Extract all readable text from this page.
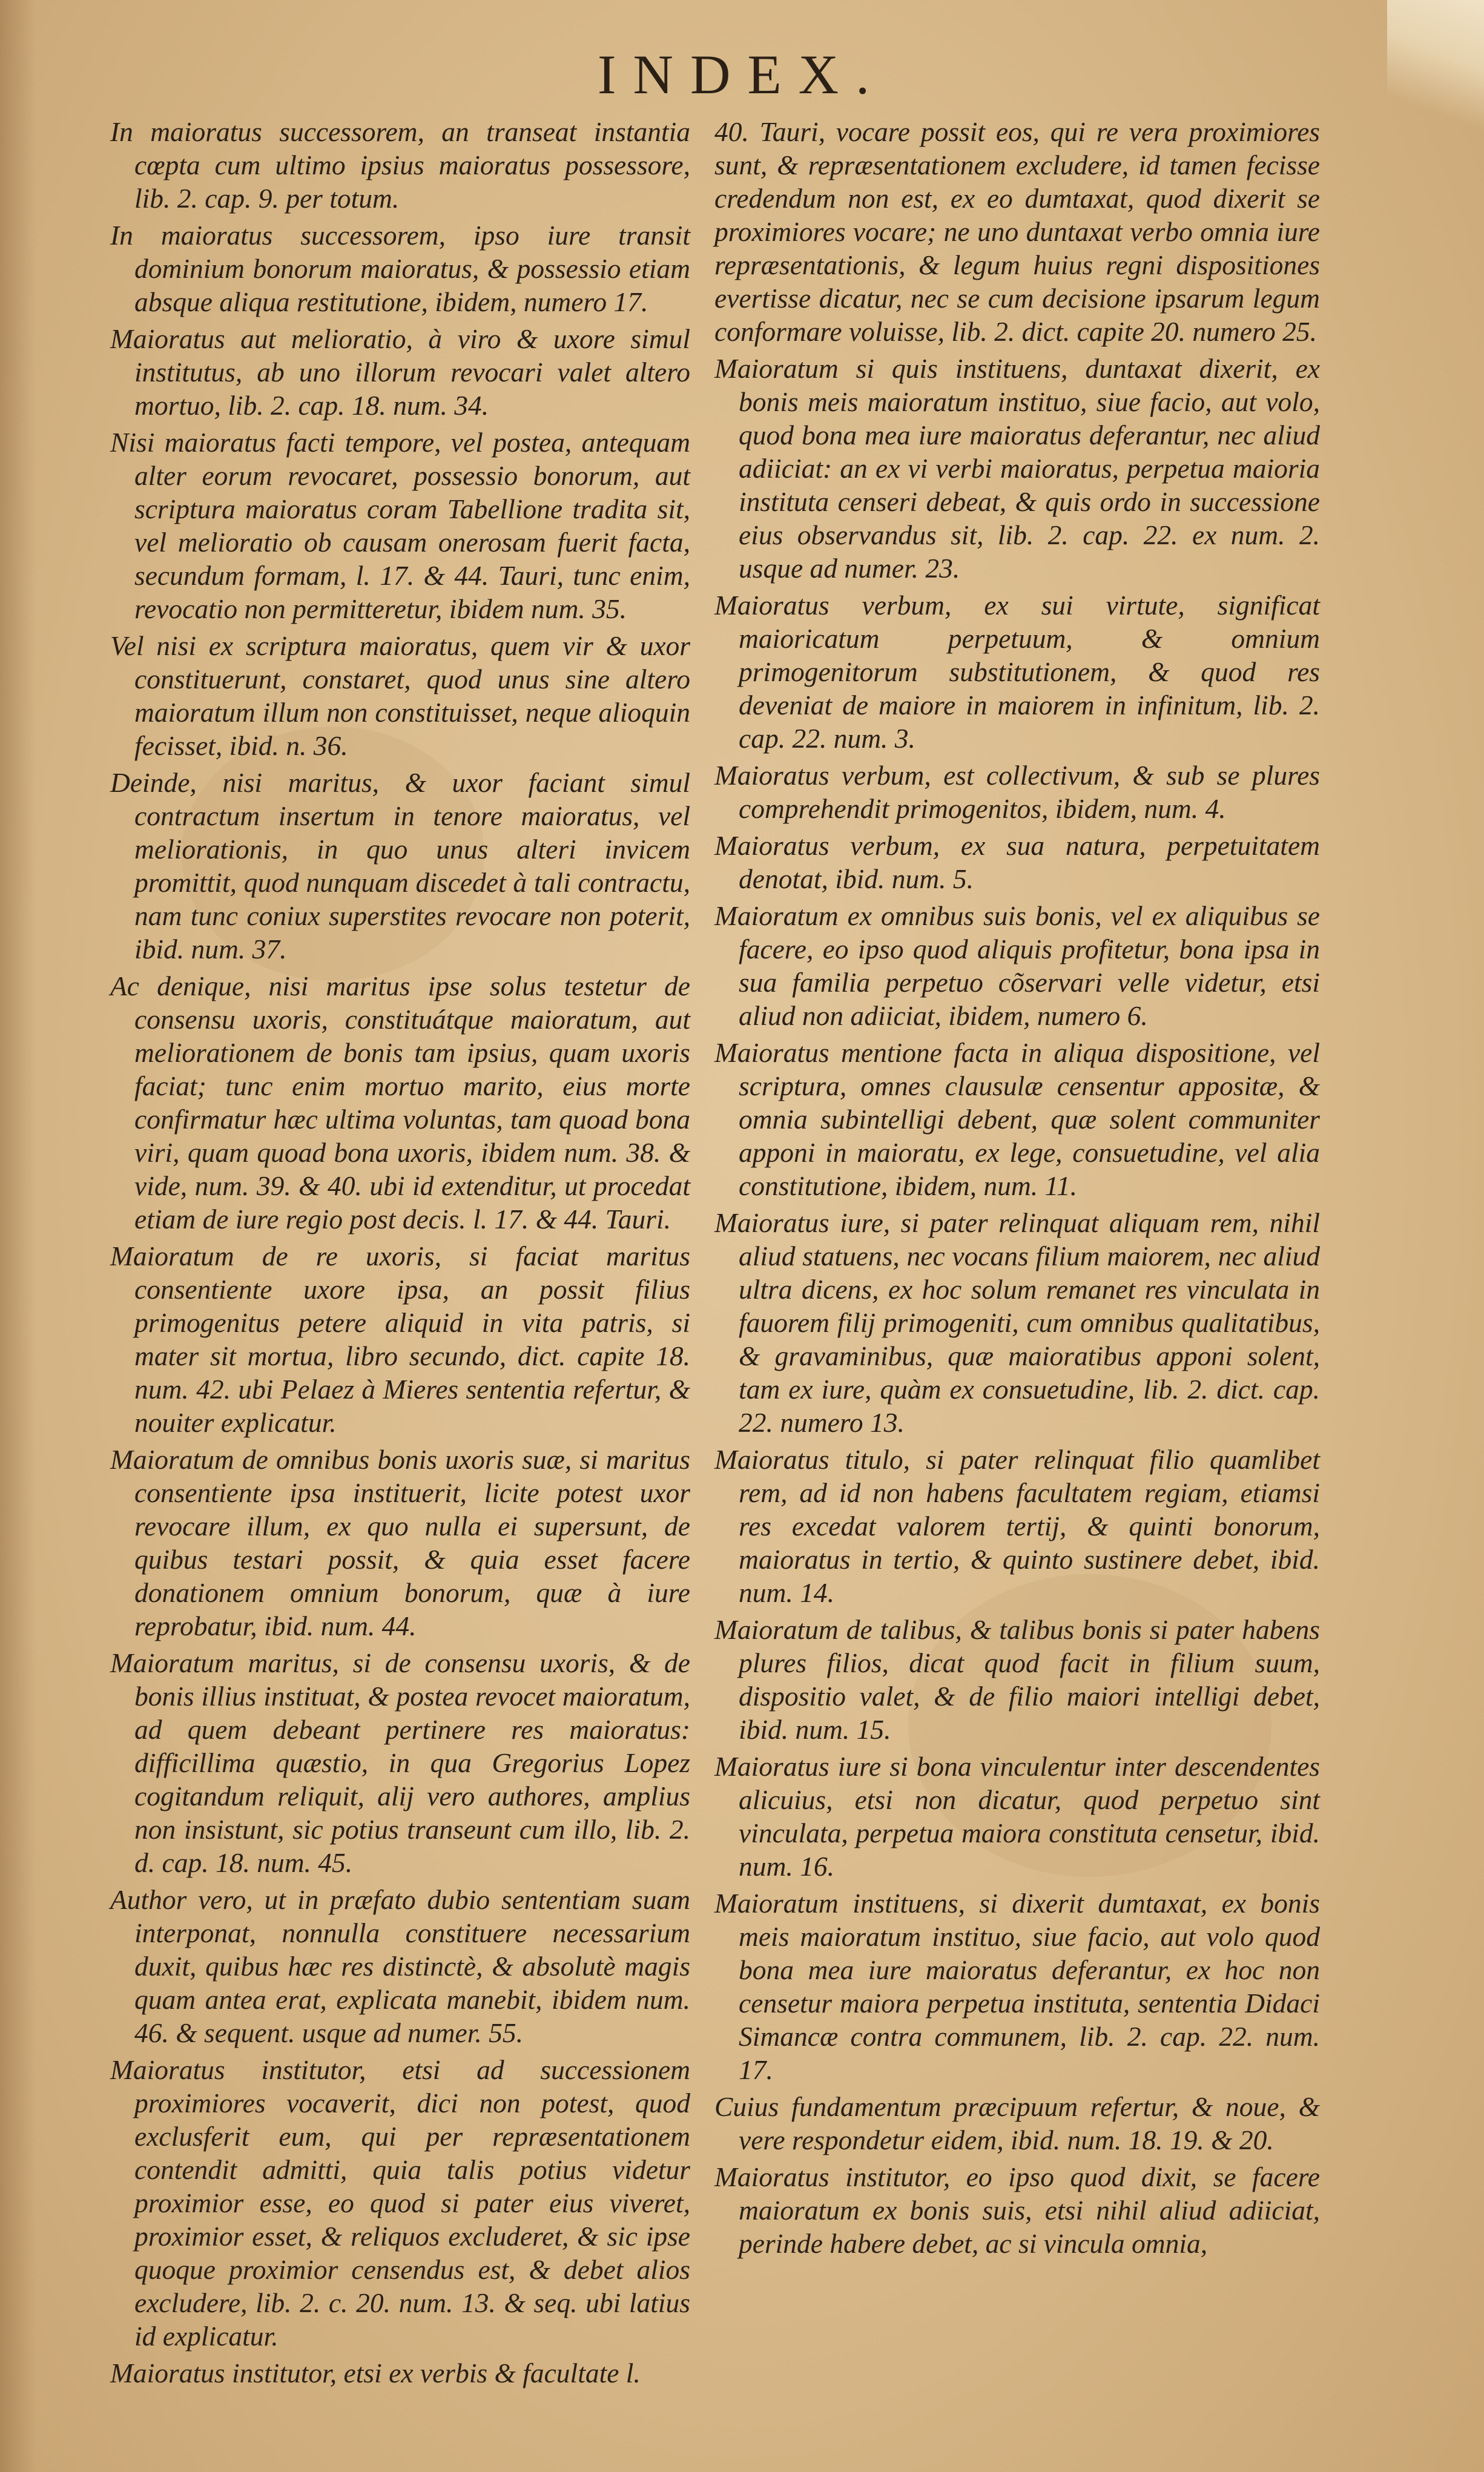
INDEX.

In maioratus successorem, an transeat instantia cœpta cum ultimo ipsius maioratus possessore, lib. 2. cap. 9. per totum.

In maioratus successorem, ipso iure transit dominium bonorum maioratus, & possessio etiam absque aliqua restitutione, ibidem, numero 17.

Maioratus aut melioratio, à viro & uxore simul institutus, ab uno illorum revocari valet altero mortuo, lib. 2. cap. 18. num. 34.

Nisi maioratus facti tempore, vel postea, antequam alter eorum revocaret, possessio bonorum, aut scriptura maioratus coram Tabellione tradita sit, vel melioratio ob causam onerosam fuerit facta, secundum formam, l. 17. & 44. Tauri, tunc enim, revocatio non permitteretur, ibidem num. 35.

Vel nisi ex scriptura maioratus, quem vir & uxor constituerunt, constaret, quod unus sine altero maioratum illum non constituisset, neque alioquin fecisset, ibid. n. 36.

Deinde, nisi maritus, & uxor faciant simul contractum insertum in tenore maioratus, vel meliorationis, in quo unus alteri invicem promittit, quod nunquam discedet à tali contractu, nam tunc coniux superstites revocare non poterit, ibid. num. 37.

Ac denique, nisi maritus ipse solus testetur de consensu uxoris, constituátque maioratum, aut meliorationem de bonis tam ipsius, quam uxoris faciat; tunc enim mortuo marito, eius morte confirmatur hæc ultima voluntas, tam quoad bona viri, quam quoad bona uxoris, ibidem num. 38. & vide, num. 39. & 40. ubi id extenditur, ut procedat etiam de iure regio post decis. l. 17. & 44. Tauri.

Maioratum de re uxoris, si faciat maritus consentiente uxore ipsa, an possit filius primogenitus petere aliquid in vita patris, si mater sit mortua, libro secundo, dict. capite 18. num. 42. ubi Pelaez à Mieres sententia refertur, & nouiter explicatur.

Maioratum de omnibus bonis uxoris suæ, si maritus consentiente ipsa instituerit, licite potest uxor revocare illum, ex quo nulla ei supersunt, de quibus testari possit, & quia esset facere donationem omnium bonorum, quæ à iure reprobatur, ibid. num. 44.

Maioratum maritus, si de consensu uxoris, & de bonis illius instituat, & postea revocet maioratum, ad quem debeant pertinere res maioratus: difficillima quæstio, in qua Gregorius Lopez cogitandum reliquit, alij vero authores, amplius non insistunt, sic potius transeunt cum illo, lib. 2. d. cap. 18. num. 45.

Author vero, ut in præfato dubio sententiam suam interponat, nonnulla constituere necessarium duxit, quibus hæc res distinctè, & absolutè magis quam antea erat, explicata manebit, ibidem num. 46. & sequent. usque ad numer. 55.

Maioratus institutor, etsi ad successionem proximiores vocaverit, dici non potest, quod exclusferit eum, qui per repræsentationem contendit admitti, quia talis potius videtur proximior esse, eo quod si pater eius viveret, proximior esset, & reliquos excluderet, & sic ipse quoque proximior censendus est, & debet alios excludere, lib. 2. c. 20. num. 13. & seq. ubi latius id explicatur.

Maioratus institutor, etsi ex verbis & facultate l.

40. Tauri, vocare possit eos, qui re vera proximiores sunt, & repræsentationem excludere, id tamen fecisse credendum non est, ex eo dumtaxat, quod dixerit se proximiores vocare; ne uno duntaxat verbo omnia iure repræsentationis, & legum huius regni dispositiones evertisse dicatur, nec se cum decisione ipsarum legum conformare voluisse, lib. 2. dict. capite 20. numero 25.

Maioratum si quis instituens, duntaxat dixerit, ex bonis meis maioratum instituo, siue facio, aut volo, quod bona mea iure maioratus deferantur, nec aliud adiiciat: an ex vi verbi maioratus, perpetua maioria instituta censeri debeat, & quis ordo in successione eius observandus sit, lib. 2. cap. 22. ex num. 2. usque ad numer. 23.

Maioratus verbum, ex sui virtute, significat maioricatum perpetuum, & omnium primogenitorum substitutionem, & quod res deveniat de maiore in maiorem in infinitum, lib. 2. cap. 22. num. 3.

Maioratus verbum, est collectivum, & sub se plures comprehendit primogenitos, ibidem, num. 4.

Maioratus verbum, ex sua natura, perpetuitatem denotat, ibid. num. 5.

Maioratum ex omnibus suis bonis, vel ex aliquibus se facere, eo ipso quod aliquis profitetur, bona ipsa in sua familia perpetuo cõservari velle videtur, etsi aliud non adiiciat, ibidem, numero 6.

Maioratus mentione facta in aliqua dispositione, vel scriptura, omnes clausulæ censentur appositæ, & omnia subintelligi debent, quæ solent communiter apponi in maioratu, ex lege, consuetudine, vel alia constitutione, ibidem, num. 11.

Maioratus iure, si pater relinquat aliquam rem, nihil aliud statuens, nec vocans filium maiorem, nec aliud ultra dicens, ex hoc solum remanet res vinculata in fauorem filij primogeniti, cum omnibus qualitatibus, & gravaminibus, quæ maioratibus apponi solent, tam ex iure, quàm ex consuetudine, lib. 2. dict. cap. 22. numero 13.

Maioratus titulo, si pater relinquat filio quamlibet rem, ad id non habens facultatem regiam, etiamsi res excedat valorem tertij, & quinti bonorum, maioratus in tertio, & quinto sustinere debet, ibid. num. 14.

Maioratum de talibus, & talibus bonis si pater habens plures filios, dicat quod facit in filium suum, dispositio valet, & de filio maiori intelligi debet, ibid. num. 15.

Maioratus iure si bona vinculentur inter descendentes alicuius, etsi non dicatur, quod perpetuo sint vinculata, perpetua maiora constituta censetur, ibid. num. 16.

Maioratum instituens, si dixerit dumtaxat, ex bonis meis maioratum instituo, siue facio, aut volo quod bona mea iure maioratus deferantur, ex hoc non censetur maiora perpetua instituta, sententia Didaci Simancæ contra communem, lib. 2. cap. 22. num. 17.

Cuius fundamentum præcipuum refertur, & noue, & vere respondetur eidem, ibid. num. 18. 19. & 20.

Maioratus institutor, eo ipso quod dixit, se facere maioratum ex bonis suis, etsi nihil aliud adiiciat, perinde habere debet, ac si vincula omnia,
